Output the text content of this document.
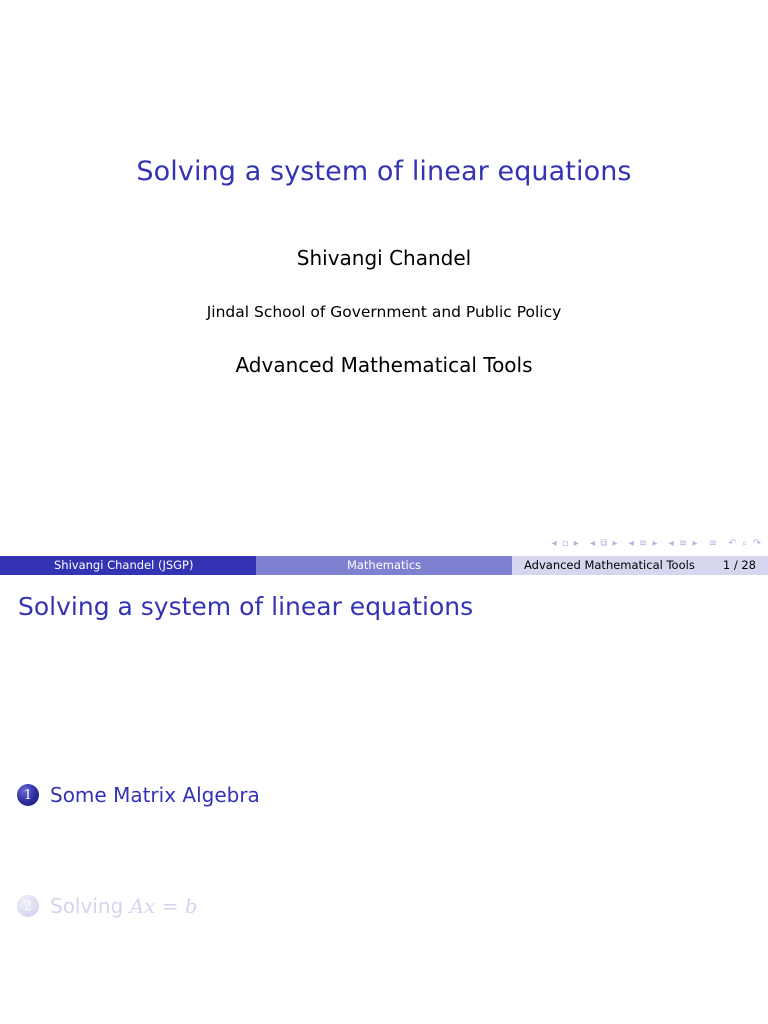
Solving a system of linear equations
Shivangi Chandel
Jindal School of Government and Public Policy
Advanced Mathematical Tools
◂ ▫ ▸ ◂ ⧉ ▸ ◂ ≡ ▸ ◂ ≡ ▸ ≡ ↶ ⌕ ↷
Shivangi Chandel (JSGP)	Mathematics	Advanced Mathematical Tools 1 / 28
Solving a system of linear equations
1 Some Matrix Algebra
2 Solving Ax = b
